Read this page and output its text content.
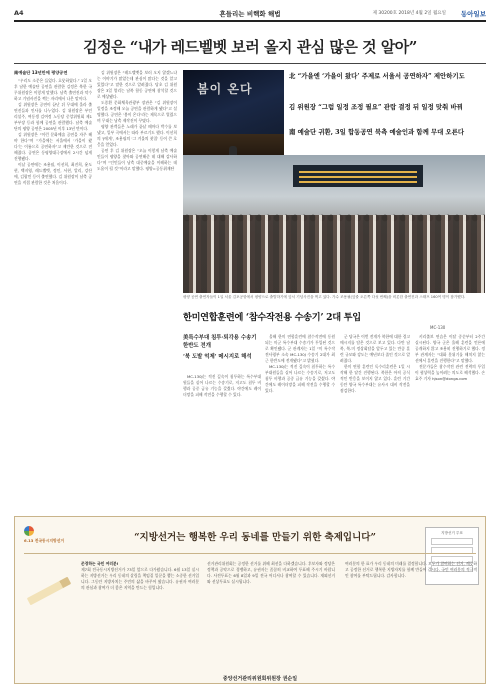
A4	흔들리는 비핵화 해법	제 30200호 2018년 4월 2일 월요일 동아일보
김정은 “내가 레드벨벳 보러 올지 관심 많은 것 알아”
南예술단 13년만에 평양공연

“우리도 소문은 들었다. 흐뭇하였다.” 1일 오후 남한 예술단 공연을 관람한 김정은 북한 국무위원장은 이렇게 말했다. 남측 출연진과 악수하고 기념사진을 찍는 자리에서 나온 말이다.

김 위원장은 공연이 끝난 뒤 무대에 올라 출연진들과 인사를 나누었다. 김 위원장은 부인 리설주, 여동생 김여정 노동당 중앙위원회 제1부부장 등과 함께 공연을 관람했다. 남측 예술단의 평양 공연은 2005년 이후 13년 만이다.

김 위원장은 “이런 문화예술 공연을 자주 해야 한다”며 “가을에는 서울에서 ‘가을이 왔다’는 이름으로 공연하자”고 제안한 것으로 전해졌다. 공연은 동평양대극장에서 2시간 넘게 진행됐다.

이날 공연에는 조용필, 이선희, 최진희, 윤도현, 백지영, 레드벨벳, 정인, 서현, 알리, 강산에, 김광민 등이 출연했다. 김 위원장이 남측 공연을 직접 관람한 것은 처음이다.

김 위원장은 “레드벨벳을 보러 오지 않겠느냐는 이야기가 많았는데 관심이 많다는 것을 알고 있었다”고 말한 것으로 알려졌다. 당초 김 위원장은 3일 열리는 남북 합동 공연에 참석할 것으로 예상됐다.

도종환 문화체육관광부 장관은 “김 위원장이 일정을 조정해 오늘 공연을 관람하게 됐다”고 설명했다. 공연은 ‘봄이 온다’라는 제목으로 열렸으며 무대는 남측 제작진이 꾸몄다.

평양 관객들은 노래가 끝날 때마다 박수를 보냈고, 일부 곡에서는 따라 부르기도 했다. 이선희의 ‘J에게’, 조용필의 ‘그 겨울의 찻집’ 등이 큰 호응을 얻었다.

공연 후 김 위원장은 “오늘 이렇게 남측 예술인들이 평양을 찾아와 공연해준 데 대해 감사하다”며 “인민들이 남측 대중예술을 이해하는 데 도움이 될 것”이라고 말했다. 평양=공동취재단

봄이 온다
北 “가을엔 ‘가을이 왔다’ 주제로 서울서 공연하자” 제안하기도
김 위원장 “그럼 일정 조정 필요” 관람 결정 뒤 일정 맞춰 바꿔
南 예술단 귀환, 3일 합동공연 북측 예술인과 함께 무대 오른다
평양 공연 출연자들이 1일 서울 김포공항에서 평양으로 출발하기에 앞서 기념사진을 찍고 있다. 가수 조용필(앞줄 오른쪽 다섯 번째)을 비롯한 출연진과 스태프 160여 명이 참가했다.
한미연합훈련에 ‘참수작전용 수송기’ 2대 투입
MC-130
美특수부대 침투·퇴각용 수송기 한반도 전개
‘북 도발 억제’ 메시지로 해석

올해 한미 연합훈련에 참수작전에 동원되는 미군 특수부대 수송기가 투입된 것으로 확인됐다. 군 관계자는 1일 “미 특수작전사령부 소속 MC-130J 수송기 2대가 최근 한반도에 전개됐다”고 밝혔다.

MC-130J는 적진 깊숙이 침투하는 특수부대원들을 실어 나르는 수송기로, 저고도 침투 비행과 공중 급유 기능을 갖췄다. 야간에도 레이더망을 피해 작전을 수행할 수 있다.

군 당국은 이번 전개가 북한에 대한 경고 메시지를 담은 것으로 보고 있다. 다만 남북, 북-미 정상회담을 앞두고 있는 만큼 훈련 규모와 강도는 예년보다 줄인 것으로 알려졌다.

한미 연합 훈련인 독수리훈련은 1일 시작해 한 달간 진행된다. 북한은 아직 공식적인 반응을 보이지 않고 있다. 훈련 기간 동안 양국 특수부대는 유사시 대비 작전을 점검한다.

키리졸브 연습은 이달 중순부터 2주간 실시된다. 양국 군은 올해 훈련을 언론에 공개하지 않고 조용히 진행하기로 했다. 정부 관계자는 “대화 분위기를 해치지 않는 선에서 훈련을 진행한다”고 말했다.

전문가들은 참수작전 관련 전력의 투입이 협상력을 높이려는 의도로 해석했다. 손효주 기자 hjson@donga.com

MC-130J는 적진 깊숙이 침투하는 특수부대원들을 실어 나르는 수송기로, 저고도 침투 비행과 공중 급유 기능을 갖췄다. 야간에도 레이더망을 피해 작전을 수행할 수 있다.

6.13 전국동시지방선거	“지방선거는 행복한 우리 동네를 만들기 위한 축제입니다”	지방선거 투표
존경하는 국민 여러분!
제7회 전국동시지방선거가 73일 앞으로 다가왔습니다. 6월 13일 실시하는 지방선거는 우리 동네의 살림을 책임질 일꾼을 뽑는 소중한 선거입니다. 그동안 지방자치는 주민의 삶을 바꾸어 왔습니다. 유권자 여러분의 관심과 참여가 더 좋은 지역을 만드는 힘입니다.
선거관리위원회는 공정한 선거를 위해 최선을 다하겠습니다. 후보자와 정당은 정책과 공약으로 경쟁하고, 유권자는 꼼꼼히 비교하여 투표해 주시기 바랍니다. 사전투표는 6월 8일과 9일 전국 어디서나 참여할 수 있습니다. 재외선거와 선상투표도 실시됩니다.
여러분의 한 표가 우리 동네의 미래를 결정합니다. 모두가 참여하는 선거, 깨끗하고 공정한 선거로 행복한 지방자치를 함께 만들어 갑시다. 국민 여러분의 적극적인 참여를 부탁드립니다. 감사합니다.
중앙선거관리위원회위원장 권순일
